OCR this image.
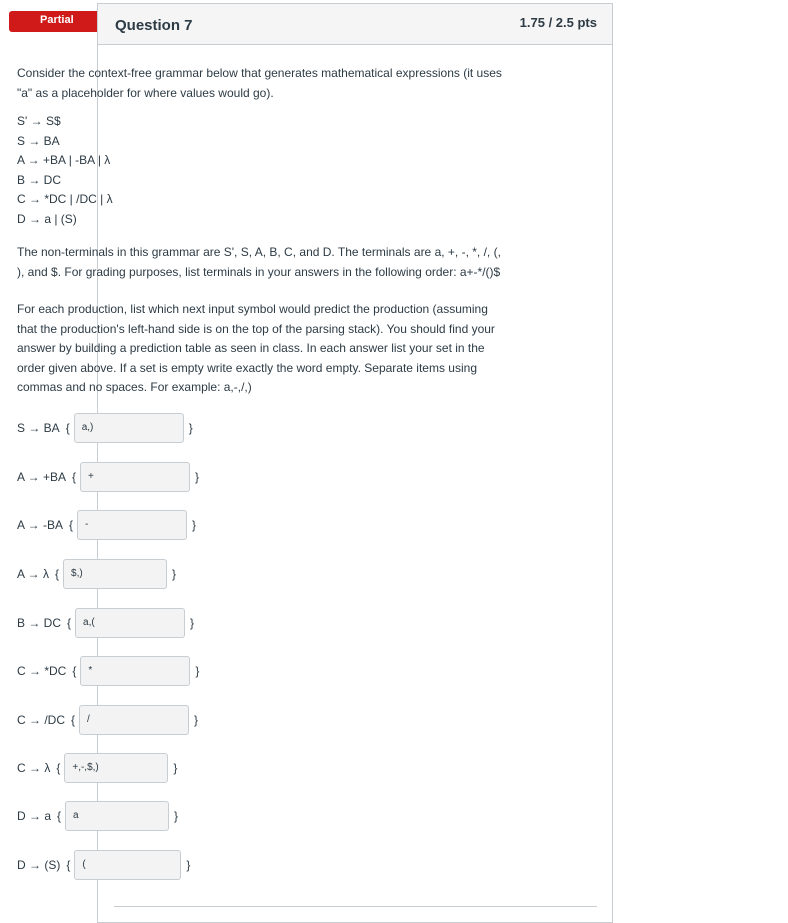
Partial	Question 7	1.75 / 2.5 pts

Consider the context-free grammar below that generates mathematical expressions (it uses "a" as a placeholder for where values would go).

S' → S$
S → BA
A → +BA | -BA | λ
B → DC
C → *DC | /DC | λ
D → a | (S)

The non-terminals in this grammar are S', S, A, B, C, and D. The terminals are a, +, -, *, /, (, ), and $. For grading purposes, list terminals in your answers in the following order: a+-*/()$

For each production, list which next input symbol would predict the production (assuming that the production's left-hand side is on the top of the parsing stack). You should find your answer by building a prediction table as seen in class. In each answer list your set in the order given above. If a set is empty write exactly the word empty. Separate items using commas and no spaces. For example: a,-,/,)

S → BA {	a,)	}
A → +BA {	+	}
A → -BA {	-	}
A → λ {	$,)	}
B → DC {	a,(	}
C → *DC {	*	}
C → /DC {	/	}
C → λ {	+,-,$,)	}
D → a {	a	}
D → (S) {	(	}
